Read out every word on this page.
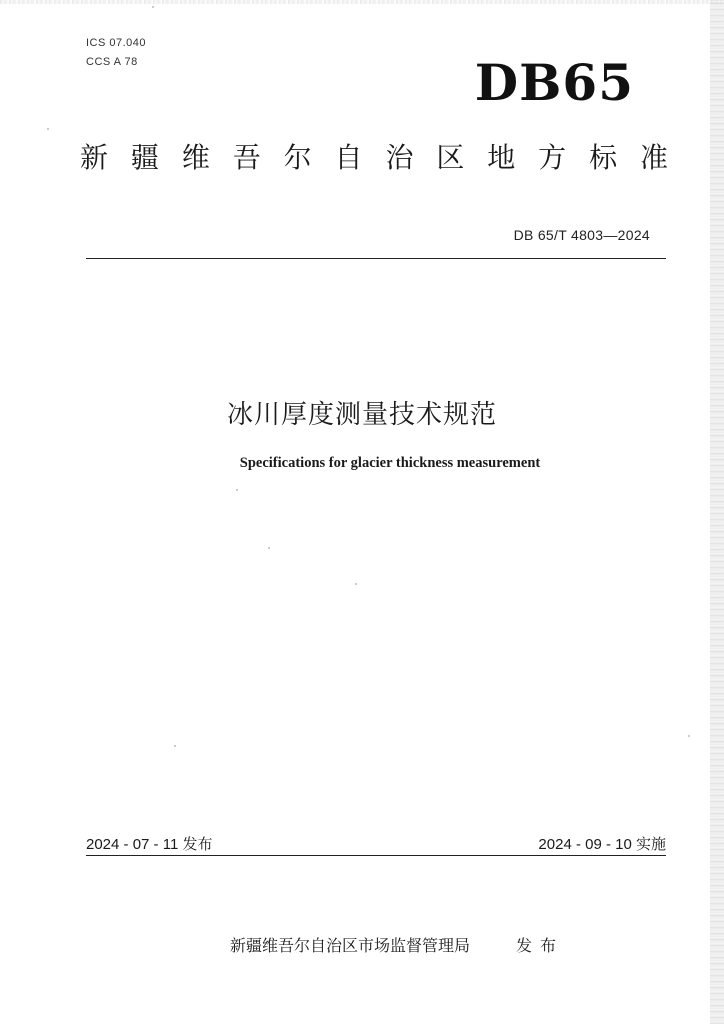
ICS 07.040
CCS A 78	DB65
新 疆 维 吾 尔 自 治 区 地 方 标 准
DB 65/T 4803—2024
冰川厚度测量技术规范
Specifications for glacier thickness measurement
2024 - 07 - 11 发布	2024 - 09 - 10 实施
新疆维吾尔自治区市场监督管理局	发布
